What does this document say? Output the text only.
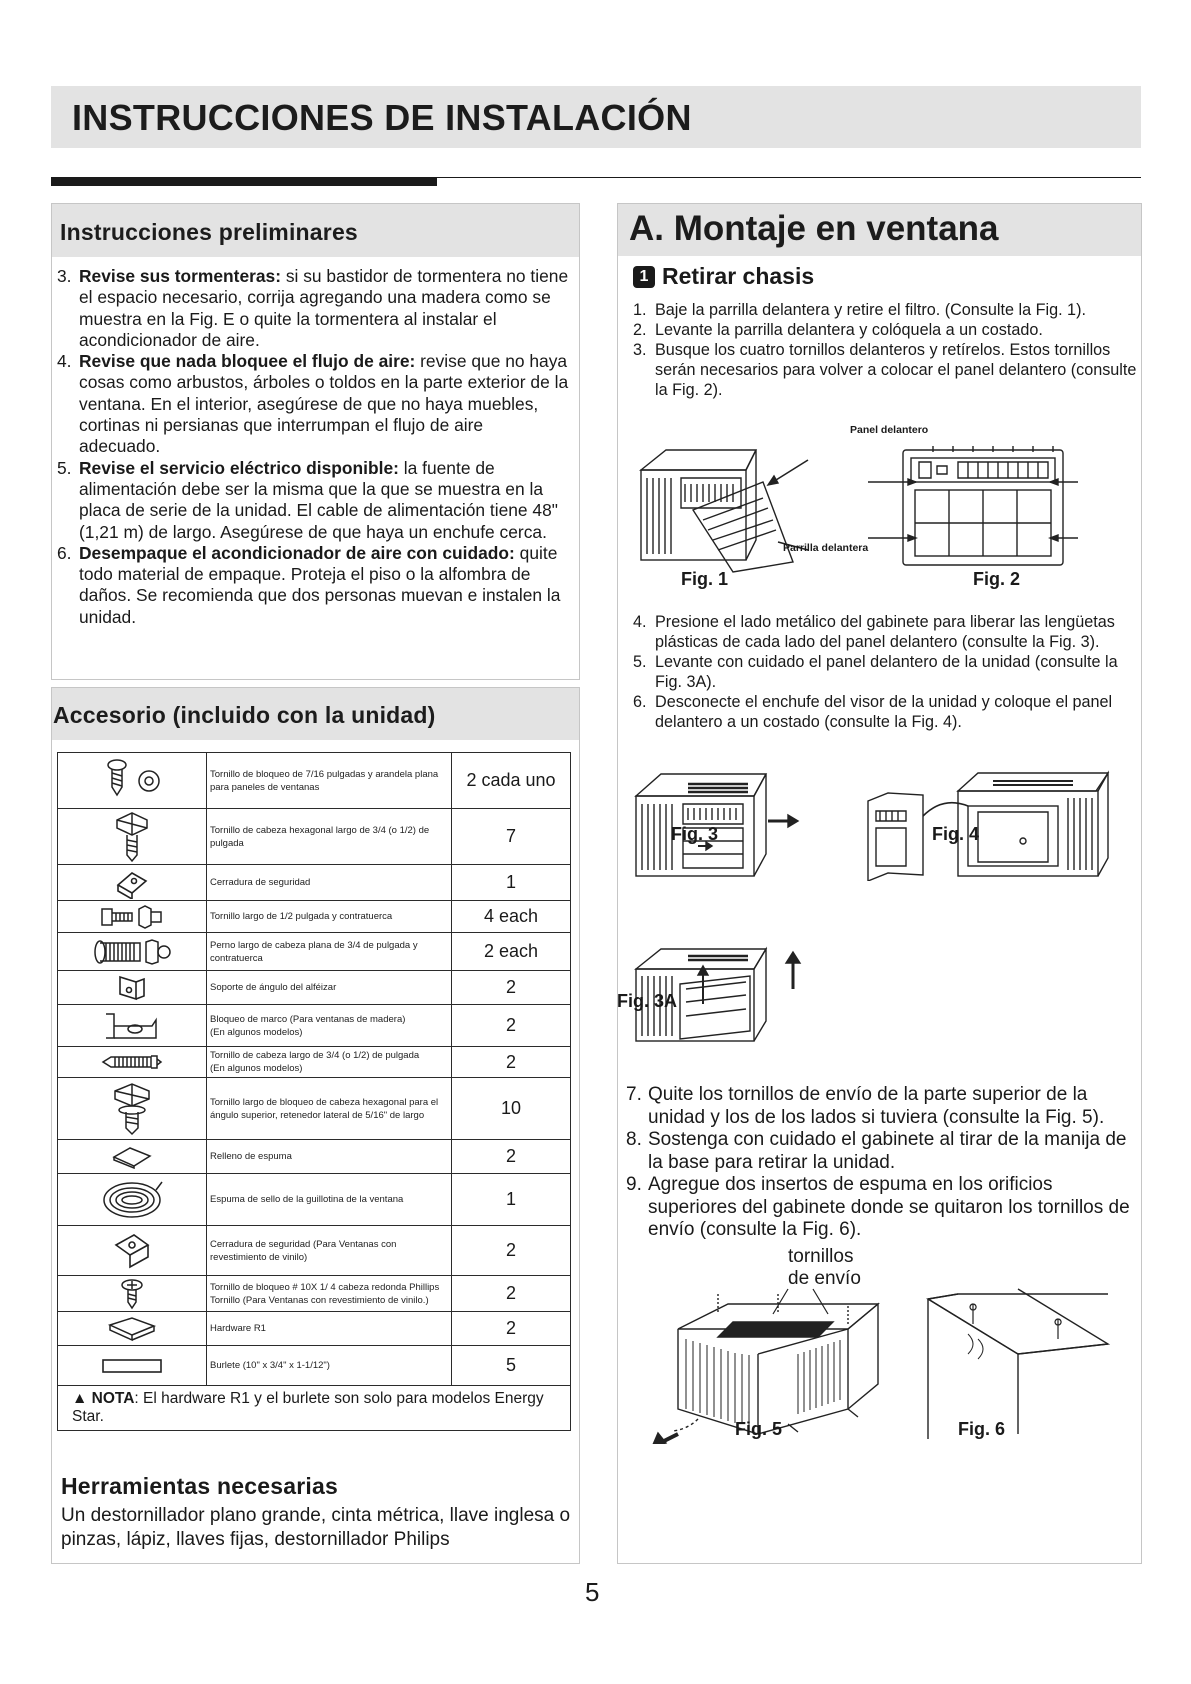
INSTRUCCIONES DE INSTALACIÓN
Instrucciones preliminares
3. Revise sus tormenteras: si su bastidor de tormentera no tiene el espacio necesario, corrija agregando una madera como se muestra en la Fig. E o quite la tormentera al instalar el acondicionador de aire.
4. Revise que nada bloquee el flujo de aire: revise que no haya cosas como arbustos, árboles o toldos en la parte exterior de la ventana. En el interior, asegúrese de que no haya muebles, cortinas ni persianas que interrumpan el flujo de aire adecuado.
5. Revise el servicio eléctrico disponible: la fuente de alimentación debe ser la misma que la que se muestra en la placa de serie de la unidad. El cable de alimentación tiene 48" (1,21 m) de largo. Asegúrese de que haya un enchufe cerca.
6. Desempaque el acondicionador de aire con cuidado: quite todo material de empaque. Proteja el piso o la alfombra de daños. Se recomienda que dos personas muevan e instalen la unidad.
Accesorio (incluido con la unidad)
	Tornillo de bloqueo de 7/16 pulgadas y arandela plana para paneles de ventanas	2 cada uno

	Tornillo de cabeza hexagonal largo de 3/4 (o 1/2) de pulgada	7

	Cerradura de seguridad	1

	Tornillo largo de 1/2 pulgada y contratuerca	4 each

	Perno largo de cabeza plana de 3/4 de pulgada y contratuerca	2 each

	Soporte de ángulo del alféizar	2

	Bloqueo de marco (Para ventanas de madera)
(En algunos modelos)	2

	Tornillo de cabeza largo de 3/4 (o 1/2) de pulgada
(En algunos modelos)	2

	Tornillo largo de bloqueo de cabeza hexagonal para el ángulo superior, retenedor lateral de 5/16" de largo	10

	Relleno de espuma	2

	Espuma de sello de la guillotina de la ventana	1

	Cerradura de seguridad (Para Ventanas con revestimiento de vinilo)	2

	Tornillo de bloqueo # 10X 1/ 4 cabeza redonda Phillips Tornillo (Para Ventanas con revestimiento de vinilo.)	2

	Hardware R1	2

	Burlete (10" x 3/4" x 1-1/12")	5
▲ NOTA: El hardware R1 y el burlete son solo para modelos Energy Star.		
Herramientas necesarias
Un destornillador plano grande, cinta métrica, llave inglesa o pinzas, lápiz, llaves fijas, destornillador Philips
A. Montaje en ventana
1 Retirar chasis
1. Baje la parrilla delantera y retire el filtro. (Consulte la Fig. 1).
2. Levante la parrilla delantera y colóquela a un costado.
3. Busque los cuatro tornillos delanteros y retírelos. Estos tornillos serán necesarios para volver a colocar el panel delantero (consulte la Fig. 2).
Panel delantero
Parrilla delantera
Fig. 1	Fig. 2
4. Presione el lado metálico del gabinete para liberar las lengüetas plásticas de cada lado del panel delantero (consulte la Fig. 3).
5. Levante con cuidado el panel delantero de la unidad (consulte la Fig. 3A).
6. Desconecte el enchufe del visor de la unidad y coloque el panel delantero a un costado (consulte la Fig. 4).
Fig. 3	Fig. 4
Fig. 3A
7. Quite los tornillos de envío de la parte superior de la unidad y los de los lados si tuviera (consulte la Fig. 5).
8. Sostenga con cuidado el gabinete al tirar de la manija de la base para retirar la unidad.
9. Agregue dos insertos de espuma en los orificios superiores del gabinete donde se quitaron los tornillos de envío (consulte la Fig. 6).
tornillos
de envío
Fig. 5	Fig. 6
5
